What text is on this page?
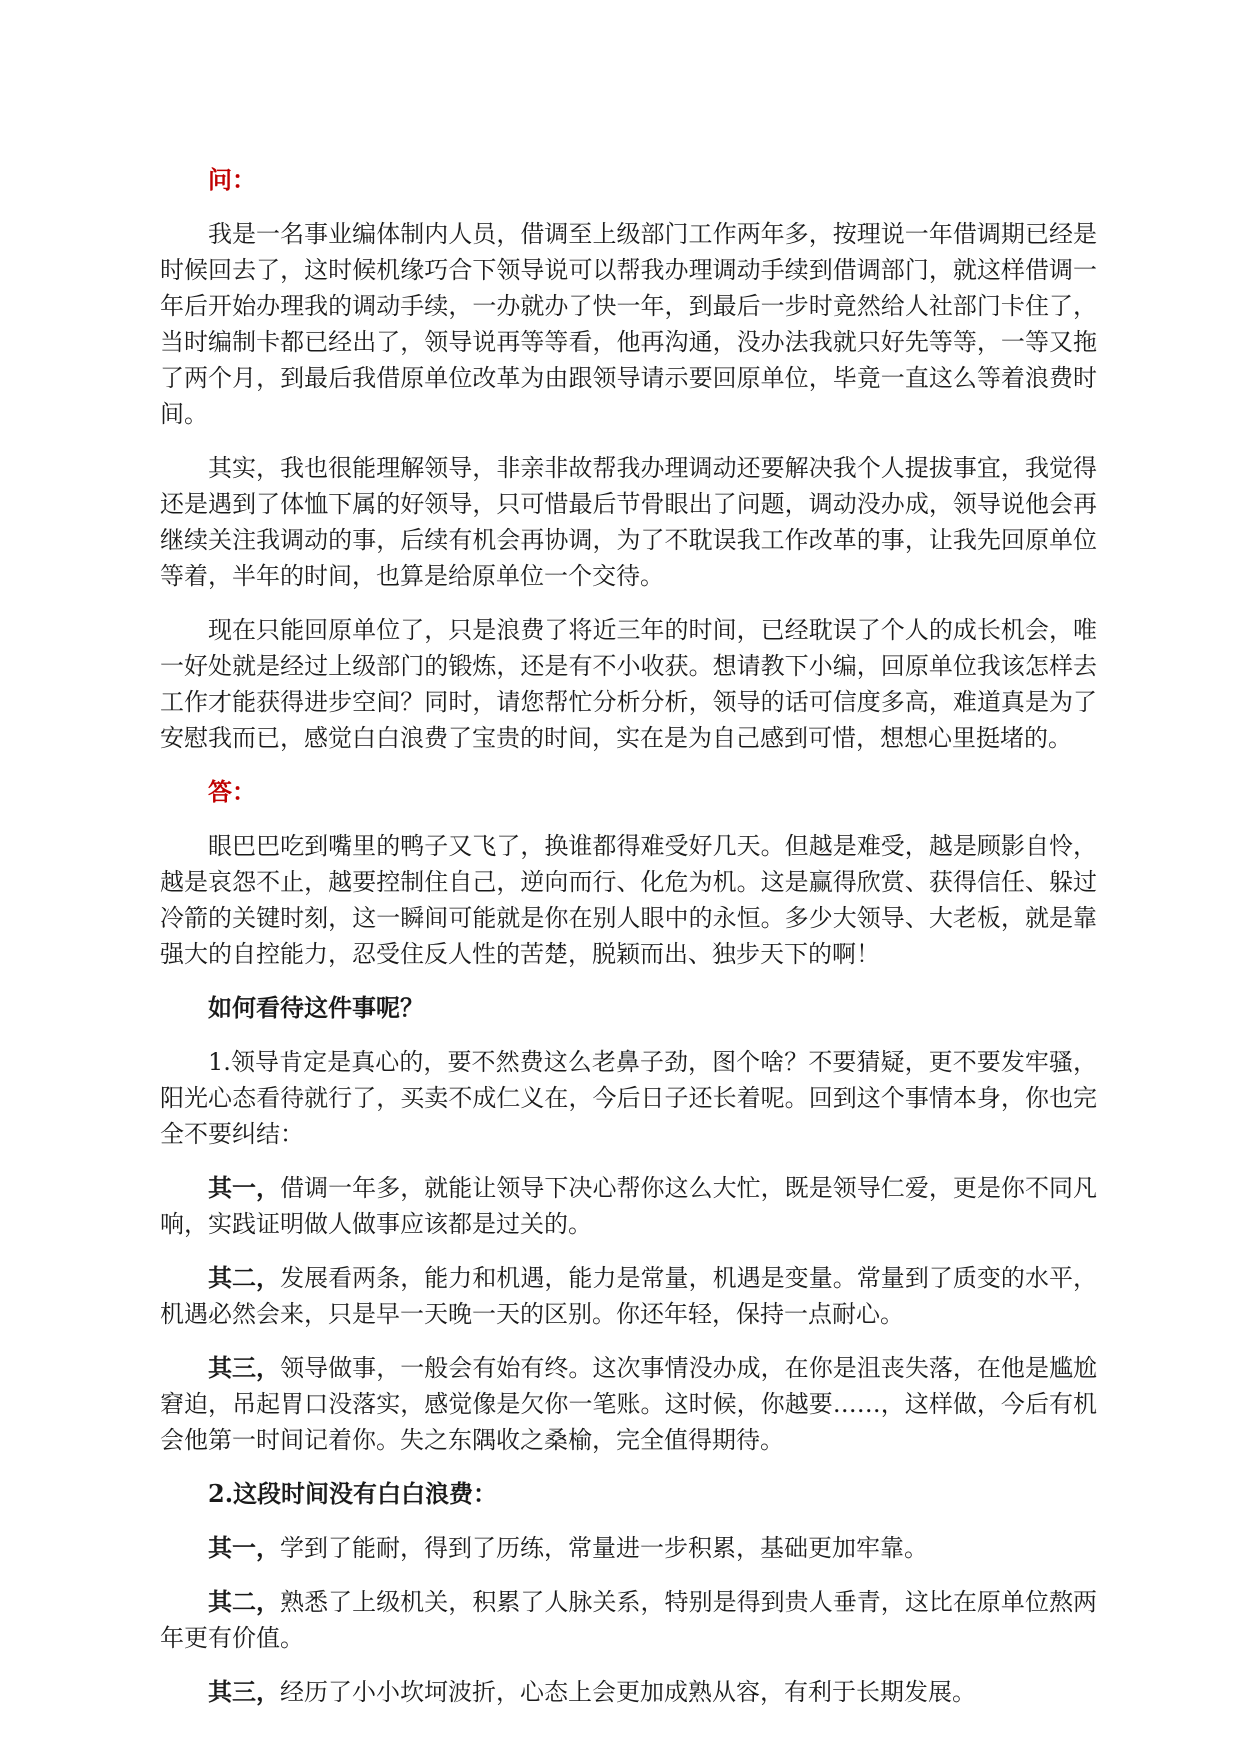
问：

我是一名事业编体制内人员，借调至上级部门工作两年多，按理说一年借调期已经是时候回去了，这时候机缘巧合下领导说可以帮我办理调动手续到借调部门，就这样借调一年后开始办理我的调动手续，一办就办了快一年，到最后一步时竟然给人社部门卡住了，当时编制卡都已经出了，领导说再等等看，他再沟通，没办法我就只好先等等，一等又拖了两个月，到最后我借原单位改革为由跟领导请示要回原单位，毕竟一直这么等着浪费时间。

其实，我也很能理解领导，非亲非故帮我办理调动还要解决我个人提拔事宜，我觉得还是遇到了体恤下属的好领导，只可惜最后节骨眼出了问题，调动没办成，领导说他会再继续关注我调动的事，后续有机会再协调，为了不耽误我工作改革的事，让我先回原单位等着，半年的时间，也算是给原单位一个交待。

现在只能回原单位了，只是浪费了将近三年的时间，已经耽误了个人的成长机会，唯一好处就是经过上级部门的锻炼，还是有不小收获。想请教下小编，回原单位我该怎样去工作才能获得进步空间？同时，请您帮忙分析分析，领导的话可信度多高，难道真是为了安慰我而已，感觉白白浪费了宝贵的时间，实在是为自己感到可惜，想想心里挺堵的。

答：

眼巴巴吃到嘴里的鸭子又飞了，换谁都得难受好几天。但越是难受，越是顾影自怜，越是哀怨不止，越要控制住自己，逆向而行、化危为机。这是赢得欣赏、获得信任、躲过冷箭的关键时刻，这一瞬间可能就是你在别人眼中的永恒。多少大领导、大老板，就是靠强大的自控能力，忍受住反人性的苦楚，脱颖而出、独步天下的啊！

如何看待这件事呢？

1.领导肯定是真心的，要不然费这么老鼻子劲，图个啥？不要猜疑，更不要发牢骚，阳光心态看待就行了，买卖不成仁义在，今后日子还长着呢。回到这个事情本身，你也完全不要纠结：

其一，借调一年多，就能让领导下决心帮你这么大忙，既是领导仁爱，更是你不同凡响，实践证明做人做事应该都是过关的。

其二，发展看两条，能力和机遇，能力是常量，机遇是变量。常量到了质变的水平，机遇必然会来，只是早一天晚一天的区别。你还年轻，保持一点耐心。

其三，领导做事，一般会有始有终。这次事情没办成，在你是沮丧失落，在他是尴尬窘迫，吊起胃口没落实，感觉像是欠你一笔账。这时候，你越要……，这样做，今后有机会他第一时间记着你。失之东隅收之桑榆，完全值得期待。

2.这段时间没有白白浪费：

其一，学到了能耐，得到了历练，常量进一步积累，基础更加牢靠。

其二，熟悉了上级机关，积累了人脉关系，特别是得到贵人垂青，这比在原单位熬两年更有价值。

其三，经历了小小坎坷波折，心态上会更加成熟从容，有利于长期发展。
